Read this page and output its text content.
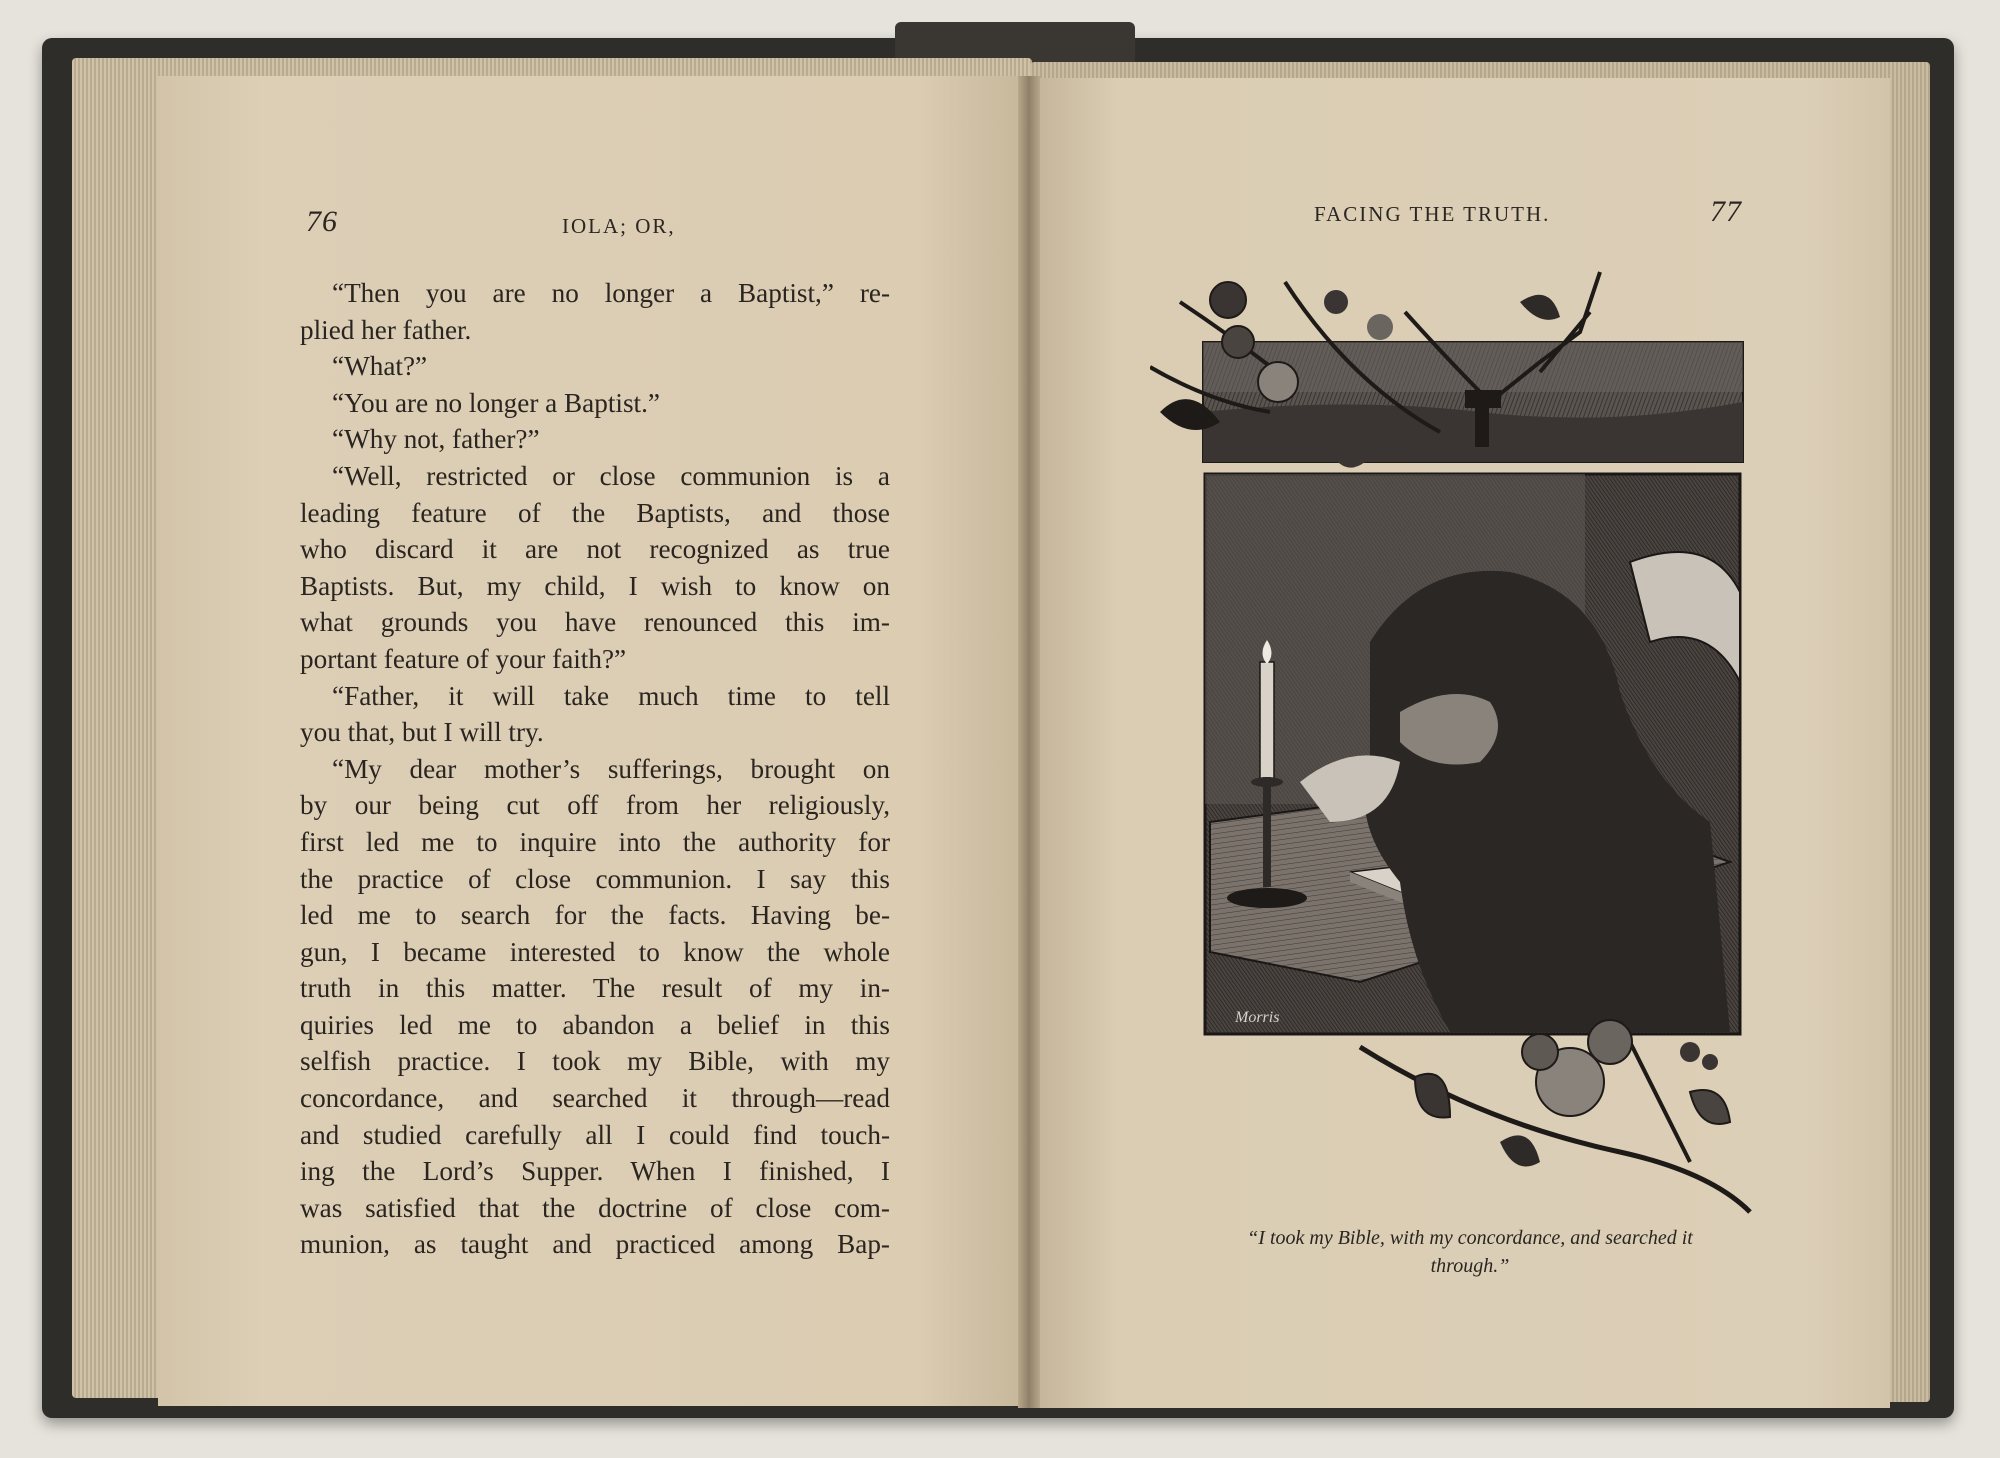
76	IOLA; OR,
“Then you are no longer a Baptist,” re-
plied her father.
“What?”
“You are no longer a Baptist.”
“Why not, father?”
“Well, restricted or close communion is a
leading feature of the Baptists, and those
who discard it are not recognized as true
Baptists. But, my child, I wish to know on
what grounds you have renounced this im-
portant feature of your faith?”
“Father, it will take much time to tell
you that, but I will try.
“My dear mother’s sufferings, brought on
by our being cut off from her religiously,
first led me to inquire into the authority for
the practice of close communion. I say this
led me to search for the facts. Having be-
gun, I became interested to know the whole
truth in this matter. The result of my in-
quiries led me to abandon a belief in this
selfish practice. I took my Bible, with my
concordance, and searched it through—read
and studied carefully all I could find touch-
ing the Lord’s Supper. When I finished, I
was satisfied that the doctrine of close com-
munion, as taught and practiced among Bap-
FACING THE TRUTH.	77
Morris
“I took my Bible, with my concordance, and searched it
through.”
